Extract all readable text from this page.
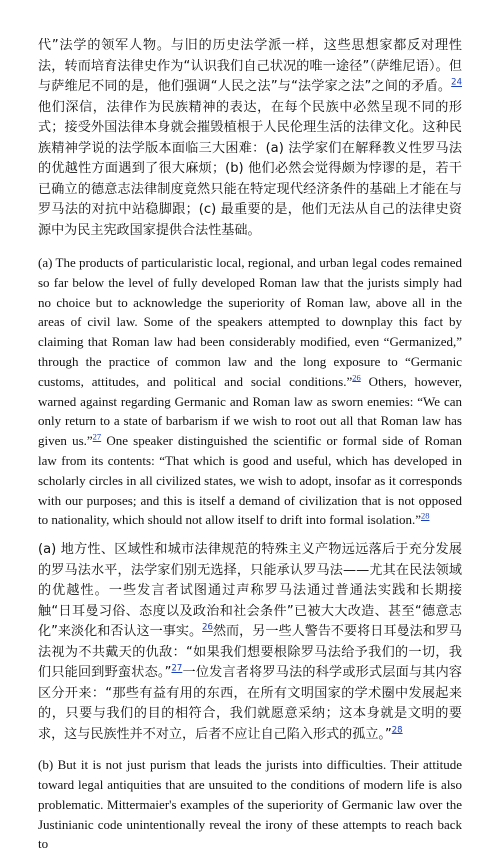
代”法学的领军人物。与旧的历史法学派一样，这些思想家都反对理性法，转而培育法律史作为“认识我们自己状况的唯一途径”（萨维尼语）。但与萨维尼不同的是，他们强调“人民之法”与“法学家之法”之间的矛盾。$^{24}$他们深信，法律作为民族精神的表达，在每个民族中必然呈现不同的形式；接受外国法律本身就会摧毁植根于人民伦理生活的法律文化。这种民族精神学说的法学版本面临三大困难：(a) 法学家们在解释教义性罗马法的优越性方面遇到了很大麻烦；(b) 他们必然会觉得颇为悖谬的是，若干已确立的德意志法律制度竟然只能在特定现代经济条件的基础上才能在与罗马法的对抗中站稳脚跟；(c) 最重要的是，他们无法从自己的法律史资源中为民主宪政国家提供合法性基础。

(a) The products of particularistic local, regional, and urban legal codes remained so far below the level of fully developed Roman law that the jurists simply had no choice but to acknowledge the superiority of Roman law, above all in the areas of civil law. Some of the speakers attempted to downplay this fact by claiming that Roman law had been considerably modified, even “Germanized,” through the practice of common law and the long exposure to “Germanic customs, attitudes, and political and social conditions.”$^{26}$ Others, however, warned against regarding Germanic and Roman law as sworn enemies: “We can only return to a state of barbarism if we wish to root out all that Roman law has given us.”$^{27}$ One speaker distinguished the scientific or formal side of Roman law from its contents: “That which is good and useful, which has developed in scholarly circles in all civilized states, we wish to adopt, insofar as it corresponds with our purposes; and this is itself a demand of civilization that is not opposed to nationality, which should not allow itself to drift into formal isolation.”$^{28}$

(a) 地方性、区域性和城市法律规范的特殊主义产物远远落后于充分发展的罗马法水平，法学家们别无选择，只能承认罗马法——尤其在民法领域的优越性。一些发言者试图通过声称罗马法通过普通法实践和长期接触“日耳曼习俗、态度以及政治和社会条件”已被大大改造、甚至“德意志化”来淡化和否认这一事实。$^{26}$然而，另一些人警告不要将日耳曼法和罗马法视为不共戴天的仇敌：“如果我们想要根除罗马法给予我们的一切，我们只能回到野蛮状态。”$^{27}$一位发言者将罗马法的科学或形式层面与其内容区分开来：“那些有益有用的东西，在所有文明国家的学术圈中发展起来的，只要与我们的目的相符合，我们就愿意采纳；这本身就是文明的要求，这与民族性并不对立，后者不应让自己陷入形式的孤立。”$^{28}$

(b) But it is not just purism that leads the jurists into difficulties. Their attitude toward legal antiquities that are unsuited to the conditions of modern life is also problematic. Mittermaier's examples of the superiority of Germanic law over the Justinianic code unintentionally reveal the irony of these attempts to reach back to
